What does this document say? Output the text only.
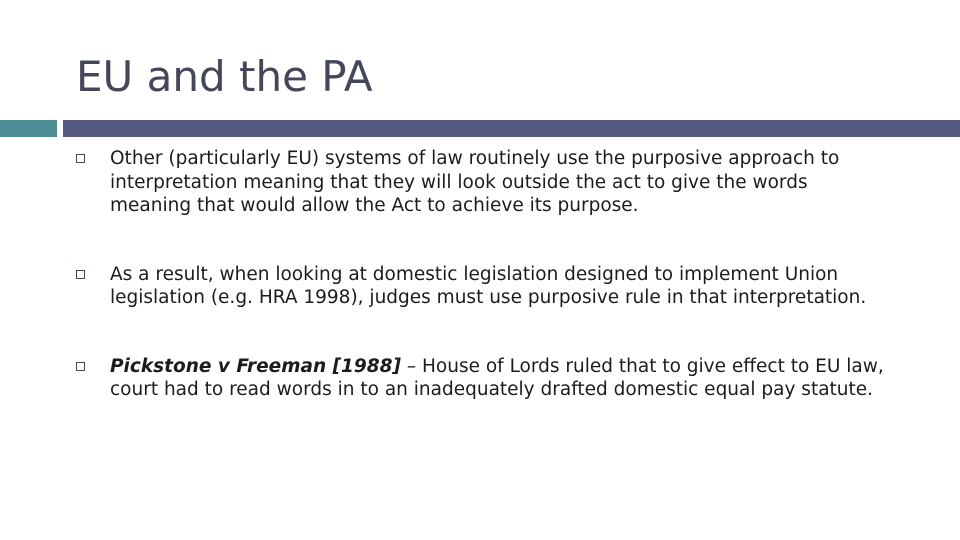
EU and the PA
Other (particularly EU) systems of law routinely use the purposive approach to interpretation meaning that they will look outside the act to give the words meaning that would allow the Act to achieve its purpose.
As a result, when looking at domestic legislation designed to implement Union legislation (e.g. HRA 1998), judges must use purposive rule in that interpretation.
Pickstone v Freeman [1988] – House of Lords ruled that to give effect to EU law, court had to read words in to an inadequately drafted domestic equal pay statute.
